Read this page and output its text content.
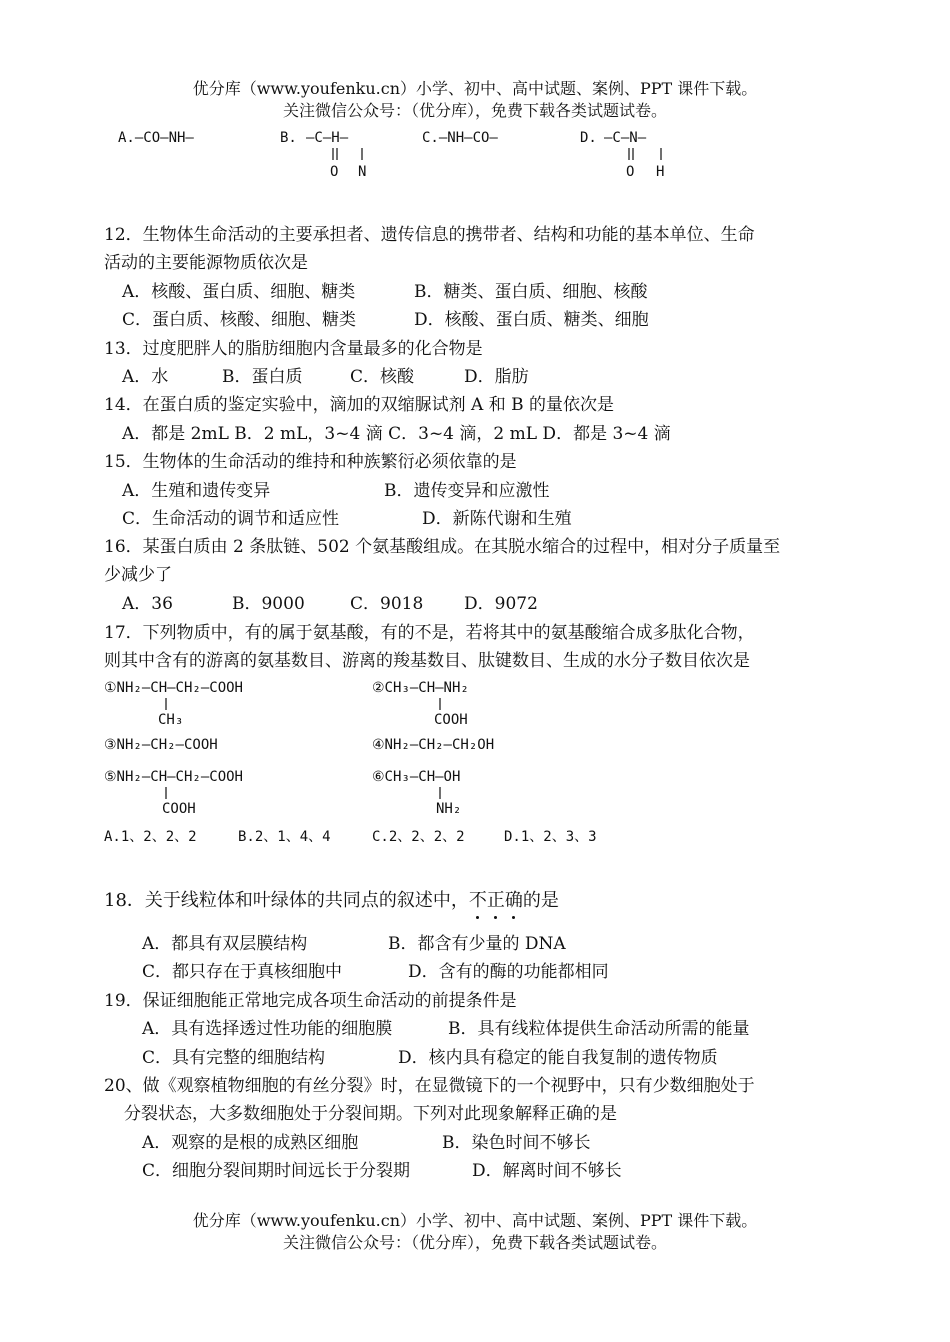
优分库（www.youfenku.cn）小学、初中、高中试题、案例、PPT 课件下载。
关注微信公众号：（优分库），免费下载各类试题试卷。
A.—CO—NH—	B. —C—H—
O N
C.—NH—CO—	D. —C—N—
O H
12．生物体生命活动的主要承担者、遗传信息的携带者、结构和功能的基本单位、生命
活动的主要能源物质依次是
A．核酸、蛋白质、细胞、糖类	B．糖类、蛋白质、细胞、核酸
C．蛋白质、核酸、细胞、糖类	D．核酸、蛋白质、糖类、细胞
13．过度肥胖人的脂肪细胞内含量最多的化合物是
A．水	B．蛋白质	C．核酸	D．脂肪
14．在蛋白质的鉴定实验中，滴加的双缩脲试剂 A 和 B 的量依次是
A．都是 2mL B．2 mL，3~4 滴 C．3~4 滴，2 mL D．都是 3~4 滴
15．生物体的生命活动的维持和种族繁衍必须依靠的是
A．生殖和遗传变异	B．遗传变异和应激性
C．生命活动的调节和适应性	D．新陈代谢和生殖
16．某蛋白质由 2 条肽链、502 个氨基酸组成。在其脱水缩合的过程中，相对分子质量至
少减少了
A．36	B．9000	C．9018 D．9072
17．下列物质中，有的属于氨基酸，有的不是，若将其中的氨基酸缩合成多肽化合物，
则其中含有的游离的氨基数目、游离的羧基数目、肽键数目、生成的水分子数目依次是
①NH₂—CH—CH₂—COOH
CH₃
②CH₃—CH—NH₂
COOH
③NH₂—CH₂—COOH	④NH₂—CH₂—CH₂OH
⑤NH₂—CH—CH₂—COOH
COOH
⑥CH₃—CH—OH
NH₂
A.1、2、2、2	B.2、1、4、4	C.2、2、2、2	D.1、2、3、3
18．关于线粒体和叶绿体的共同点的叙述中，不正确的是
A．都具有双层膜结构	B．都含有少量的 DNA
C．都只存在于真核细胞中	D．含有的酶的功能都相同
19．保证细胞能正常地完成各项生命活动的前提条件是
A．具有选择透过性功能的细胞膜	B．具有线粒体提供生命活动所需的能量
C．具有完整的细胞结构	D．核内具有稳定的能自我复制的遗传物质
20、做《观察植物细胞的有丝分裂》时，在显微镜下的一个视野中，只有少数细胞处于
分裂状态，大多数细胞处于分裂间期。下列对此现象解释正确的是
A．观察的是根的成熟区细胞	B．染色时间不够长
C．细胞分裂间期时间远长于分裂期	D．解离时间不够长
优分库（www.youfenku.cn）小学、初中、高中试题、案例、PPT 课件下载。
关注微信公众号：（优分库），免费下载各类试题试卷。
